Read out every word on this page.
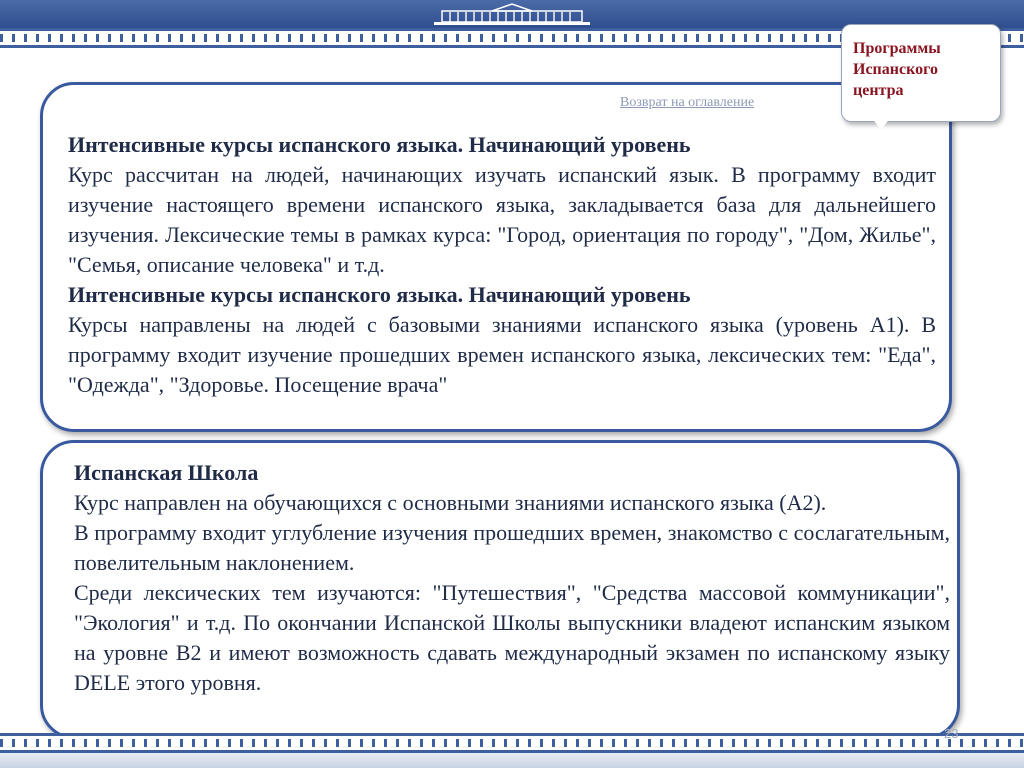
Возврат на оглавление

Интенсивные курсы испанского языка. Начинающий уровень

Курс рассчитан на людей, начинающих изучать испанский язык. В программу входит изучение настоящего времени испанского языка, закладывается база для дальнейшего изучения. Лексические темы в рамках курса: "Город, ориентация по городу", "Дом, Жилье", "Семья, описание человека" и т.д.

Интенсивные курсы испанского языка. Начинающий уровень

Курсы направлены на людей с базовыми знаниями испанского языка (уровень А1). В программу входит изучение прошедших времен испанского языка, лексических тем: "Еда", "Одежда", "Здоровье. Посещение врача"

Испанская Школа

Курс направлен на обучающихся с основными знаниями испанского языка (А2).

В программу входит углубление изучения прошедших времен, знакомство с сослагательным, повелительным наклонением.

Среди лексических тем изучаются: "Путешествия", "Средства массовой коммуникации", "Экология" и т.д. По окончании Испанской Школы выпускники владеют испанским языком на уровне В2 и имеют возможность сдавать международный экзамен по испанскому языку DELE этого уровня.

Программы
Испанского
центра
23
